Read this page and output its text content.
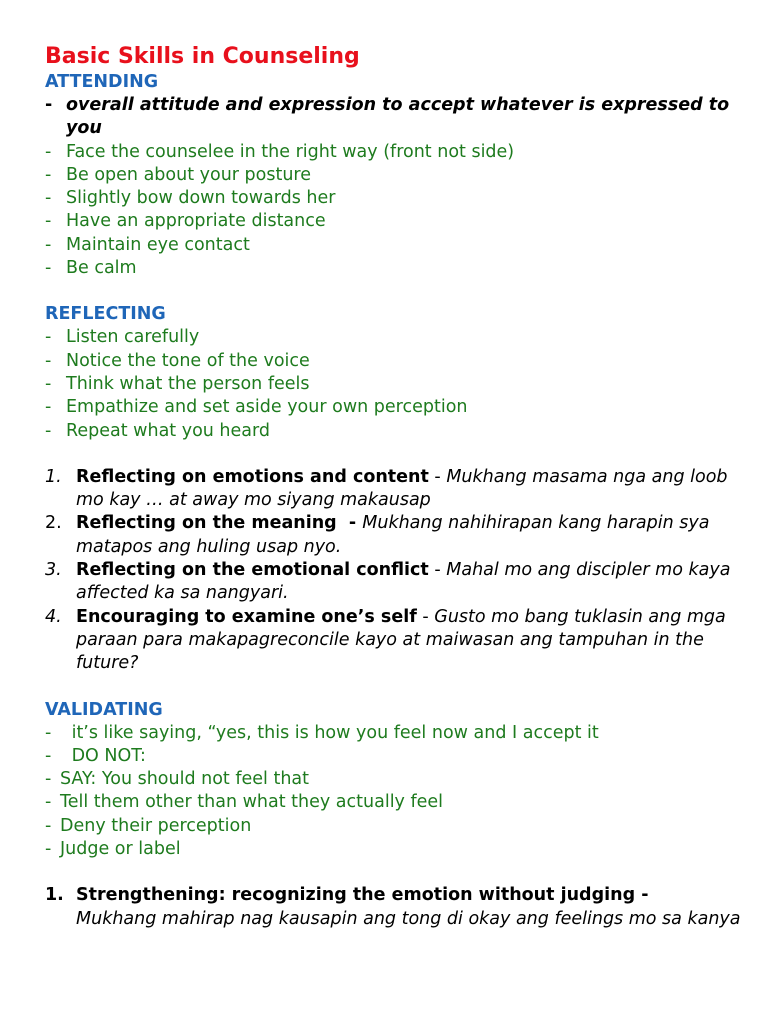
Basic Skills in Counseling
ATTENDING
- overall attitude and expression to accept whatever is expressed to you
- Face the counselee in the right way (front not side)
- Be open about your posture
- Slightly bow down towards her
- Have an appropriate distance
- Maintain eye contact
- Be calm
REFLECTING
- Listen carefully
- Notice the tone of the voice
- Think what the person feels
- Empathize and set aside your own perception
- Repeat what you heard
1. Reflecting on emotions and content - Mukhang masama nga ang loob mo kay … at away mo siyang makausap
2. Reflecting on the meaning  - Mukhang nahihirapan kang harapin sya matapos ang huling usap nyo.
3. Reflecting on the emotional conflict - Mahal mo ang discipler mo kaya affected ka sa nangyari.
4. Encouraging to examine one’s self - Gusto mo bang tuklasin ang mga paraan para makapagreconcile kayo at maiwasan ang tampuhan in the future?
VALIDATING
- it’s like saying, “yes, this is how you feel now and I accept it
- DO NOT:
- SAY: You should not feel that
- Tell them other than what they actually feel
- Deny their perception
- Judge or label
1. Strengthening: recognizing the emotion without judging -
Mukhang mahirap nag kausapin ang tong di okay ang feelings mo sa kanya
